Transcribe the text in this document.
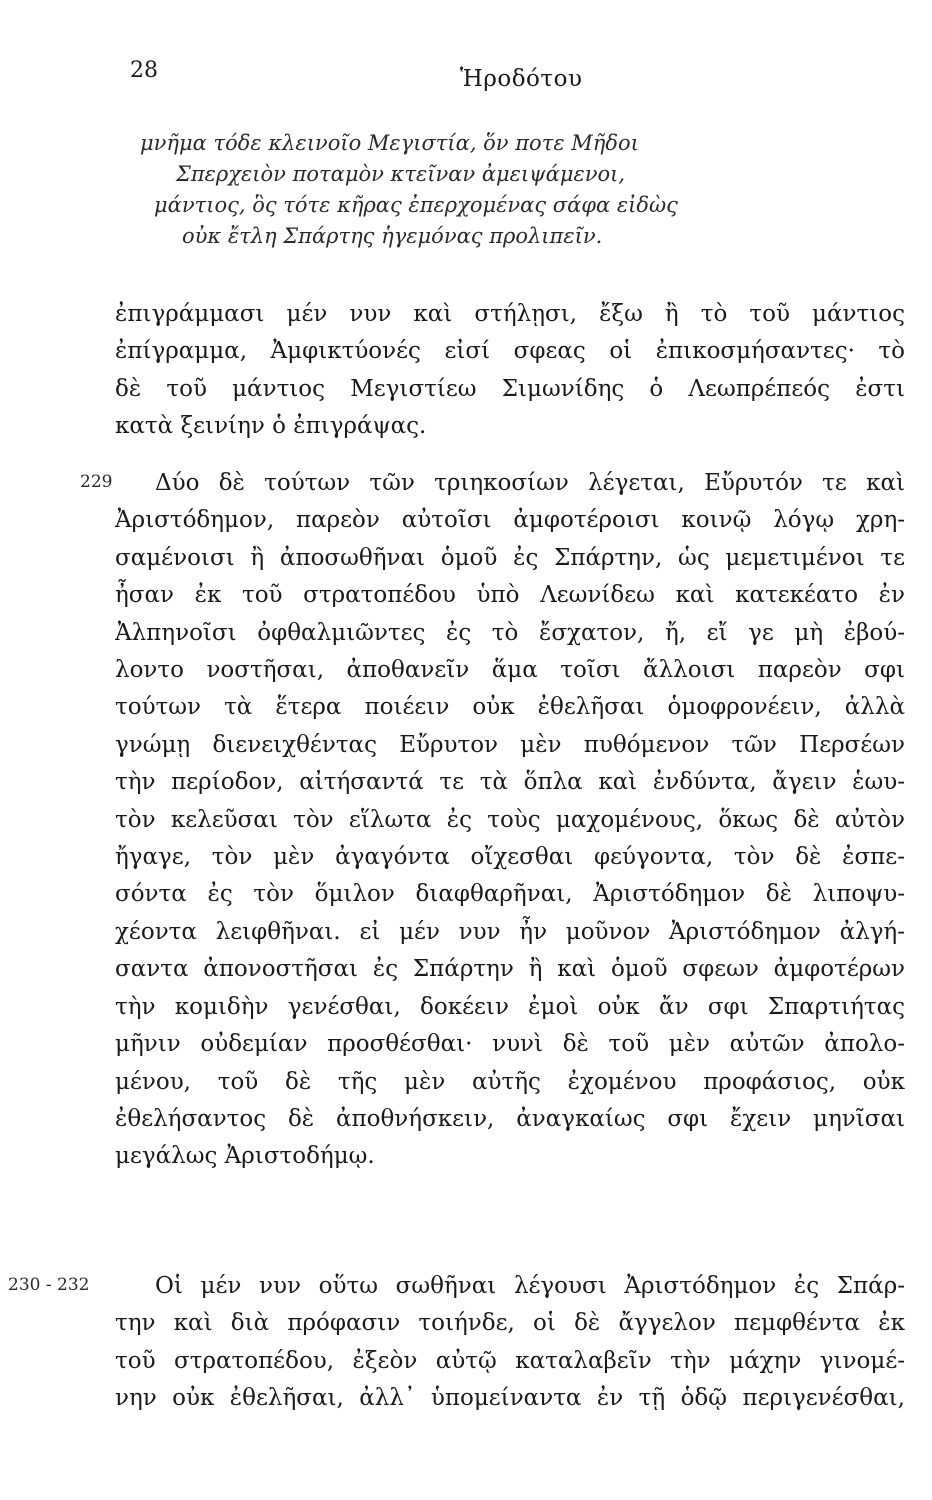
28	Ἡροδότου
μνῆμα τόδε κλεινοῖο Μεγιστία, ὅν ποτε Μῆδοι
Σπερχειὸν ποταμὸν κτεῖναν ἀμειψάμενοι,
μάντιος, ὃς τότε κῆρας ἐπερχομένας σάφα εἰδὼς
οὐκ ἔτλη Σπάρτης ἡγεμόνας προλιπεῖν.
ἐπιγράμμασι μέν νυν καὶ στήλῃσι, ἔξω ἢ τὸ τοῦ μάντιος
ἐπίγραμμα, Ἀμφικτύονές εἰσί σφεας οἱ ἐπικοσμήσαντες· τὸ
δὲ τοῦ μάντιος Μεγιστίεω Σιμωνίδης ὁ Λεωπρέπεός ἐστι
κατὰ ξεινίην ὁ ἐπιγράψας.
229	Δύο δὲ τούτων τῶν τριηκοσίων λέγεται, Εὔρυτόν τε καὶ
Ἀριστόδημον, παρεὸν αὐτοῖσι ἀμφοτέροισι κοινῷ λόγῳ χρη-
σαμένοισι ἢ ἀποσωθῆναι ὁμοῦ ἐς Σπάρτην, ὡς μεμετιμένοι τε
ἦσαν ἐκ τοῦ στρατοπέδου ὑπὸ Λεωνίδεω καὶ κατεκέατο ἐν
Ἀλπηνοῖσι ὀφθαλμιῶντες ἐς τὸ ἔσχατον, ἤ, εἴ γε μὴ ἐβού-
λοντο νοστῆσαι, ἀποθανεῖν ἅμα τοῖσι ἄλλοισι παρεὸν σφι
τούτων τὰ ἕτερα ποιέειν οὐκ ἐθελῆσαι ὁμοφρονέειν, ἀλλὰ
γνώμῃ διενειχθέντας Εὔρυτον μὲν πυθόμενον τῶν Περσέων
τὴν περίοδον, αἰτήσαντά τε τὰ ὅπλα καὶ ἐνδύντα, ἄγειν ἑωυ-
τὸν κελεῦσαι τὸν εἵλωτα ἐς τοὺς μαχομένους, ὅκως δὲ αὐτὸν
ἤγαγε, τὸν μὲν ἀγαγόντα οἴχεσθαι φεύγοντα, τὸν δὲ ἐσπε-
σόντα ἐς τὸν ὅμιλον διαφθαρῆναι, Ἀριστόδημον δὲ λιποψυ-
χέοντα λειφθῆναι. εἰ μέν νυν ἦν μοῦνον Ἀριστόδημον ἀλγή-
σαντα ἀπονοστῆσαι ἐς Σπάρτην ἢ καὶ ὁμοῦ σφεων ἀμφοτέρων
τὴν κομιδὴν γενέσθαι, δοκέειν ἐμοὶ οὐκ ἄν σφι Σπαρτιήτας
μῆνιν οὐδεμίαν προσθέσθαι· νυνὶ δὲ τοῦ μὲν αὐτῶν ἀπολο-
μένου, τοῦ δὲ τῆς μὲν αὐτῆς ἐχομένου προφάσιος, οὐκ
ἐθελήσαντος δὲ ἀποθνήσκειν, ἀναγκαίως σφι ἔχειν μηνῖσαι
μεγάλως Ἀριστοδήμῳ.
230 - 232	Οἱ μέν νυν οὕτω σωθῆναι λέγουσι Ἀριστόδημον ἐς Σπάρ-
την καὶ διὰ πρόφασιν τοιήνδε, οἱ δὲ ἄγγελον πεμφθέντα ἐκ
τοῦ στρατοπέδου, ἐξεὸν αὐτῷ καταλαβεῖν τὴν μάχην γινομέ-
νην οὐκ ἐθελῆσαι, ἀλλ᾽ ὑπομείναντα ἐν τῇ ὁδῷ περιγενέσθαι,
